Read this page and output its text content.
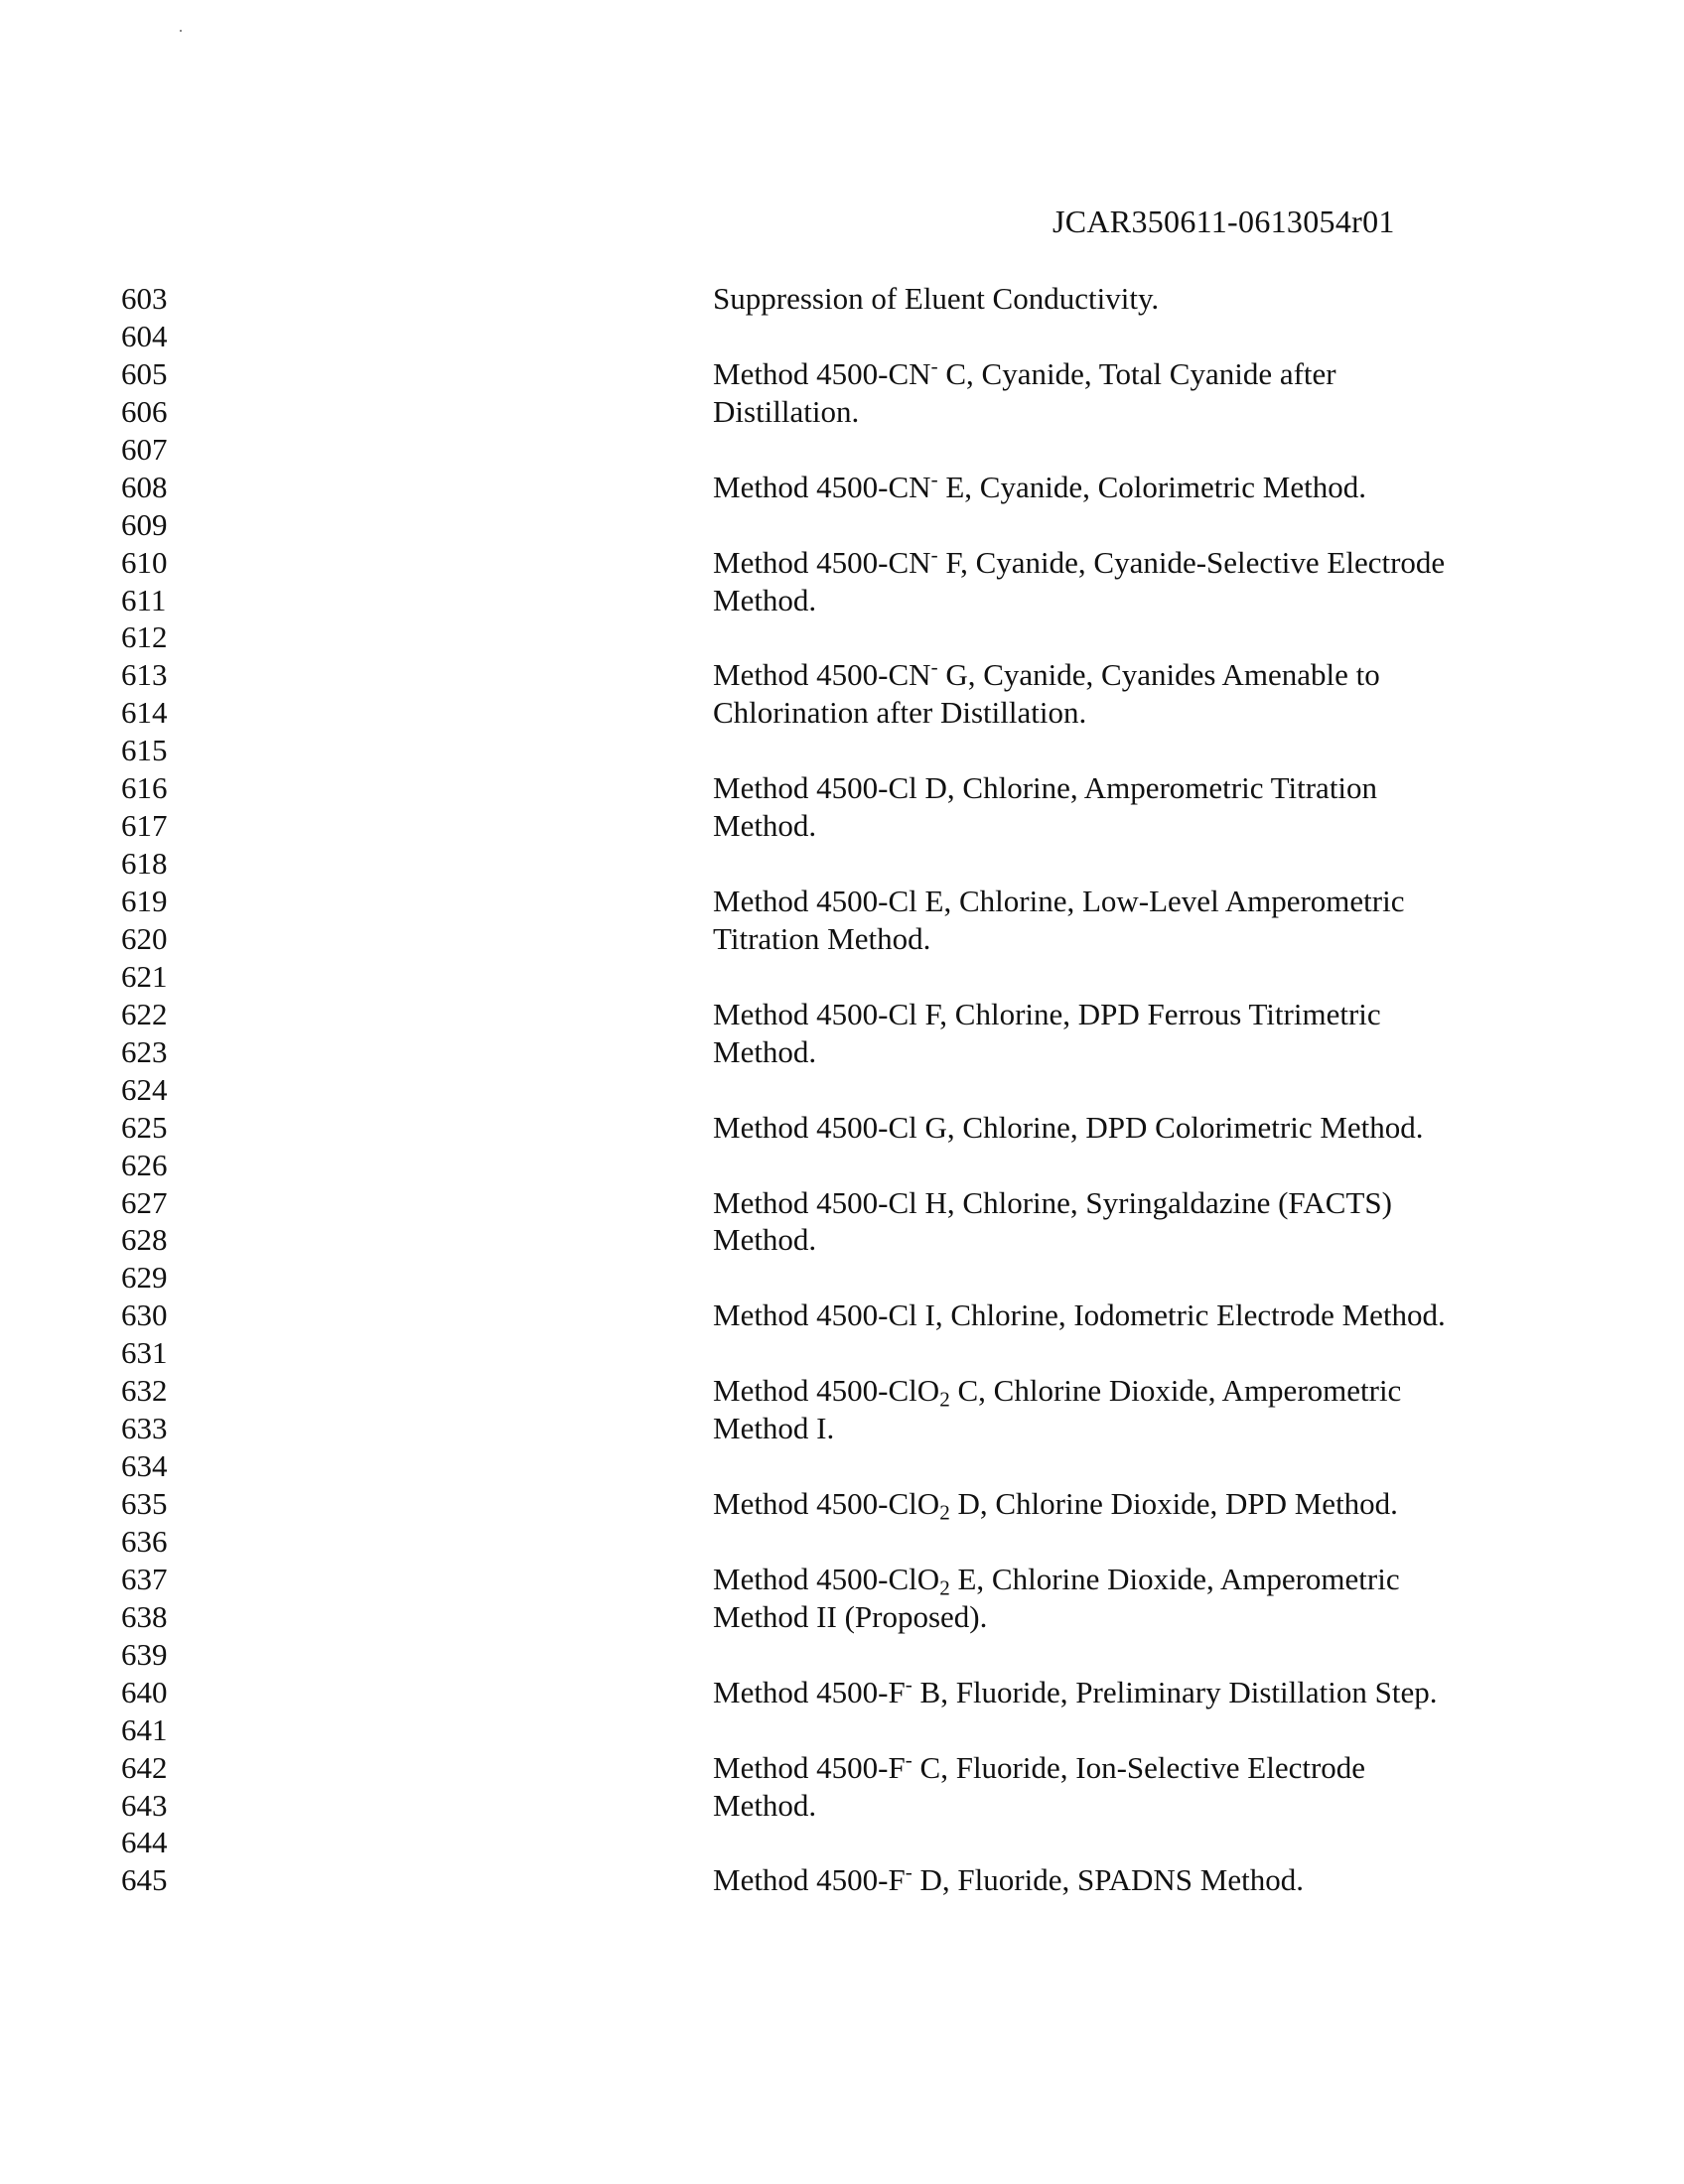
JCAR350611-0613054r01
603	Suppression of Eluent Conductivity.
604
605	Method 4500-CN- C, Cyanide, Total Cyanide after
606	Distillation.
607
608	Method 4500-CN- E, Cyanide, Colorimetric Method.
609
610	Method 4500-CN- F, Cyanide, Cyanide-Selective Electrode
611	Method.
612
613	Method 4500-CN- G, Cyanide, Cyanides Amenable to
614	Chlorination after Distillation.
615
616	Method 4500-Cl D, Chlorine, Amperometric Titration
617	Method.
618
619	Method 4500-Cl E, Chlorine, Low-Level Amperometric
620	Titration Method.
621
622	Method 4500-Cl F, Chlorine, DPD Ferrous Titrimetric
623	Method.
624
625	Method 4500-Cl G, Chlorine, DPD Colorimetric Method.
626
627	Method 4500-Cl H, Chlorine, Syringaldazine (FACTS)
628	Method.
629
630	Method 4500-Cl I, Chlorine, Iodometric Electrode Method.
631
632	Method 4500-ClO$_2$ C, Chlorine Dioxide, Amperometric
633	Method I.
634
635	Method 4500-ClO$_2$ D, Chlorine Dioxide, DPD Method.
636
637	Method 4500-ClO$_2$ E, Chlorine Dioxide, Amperometric
638	Method II (Proposed).
639
640	Method 4500-F- B, Fluoride, Preliminary Distillation Step.
641
642	Method 4500-F- C, Fluoride, Ion-Selective Electrode
643	Method.
644
645	Method 4500-F- D, Fluoride, SPADNS Method.
